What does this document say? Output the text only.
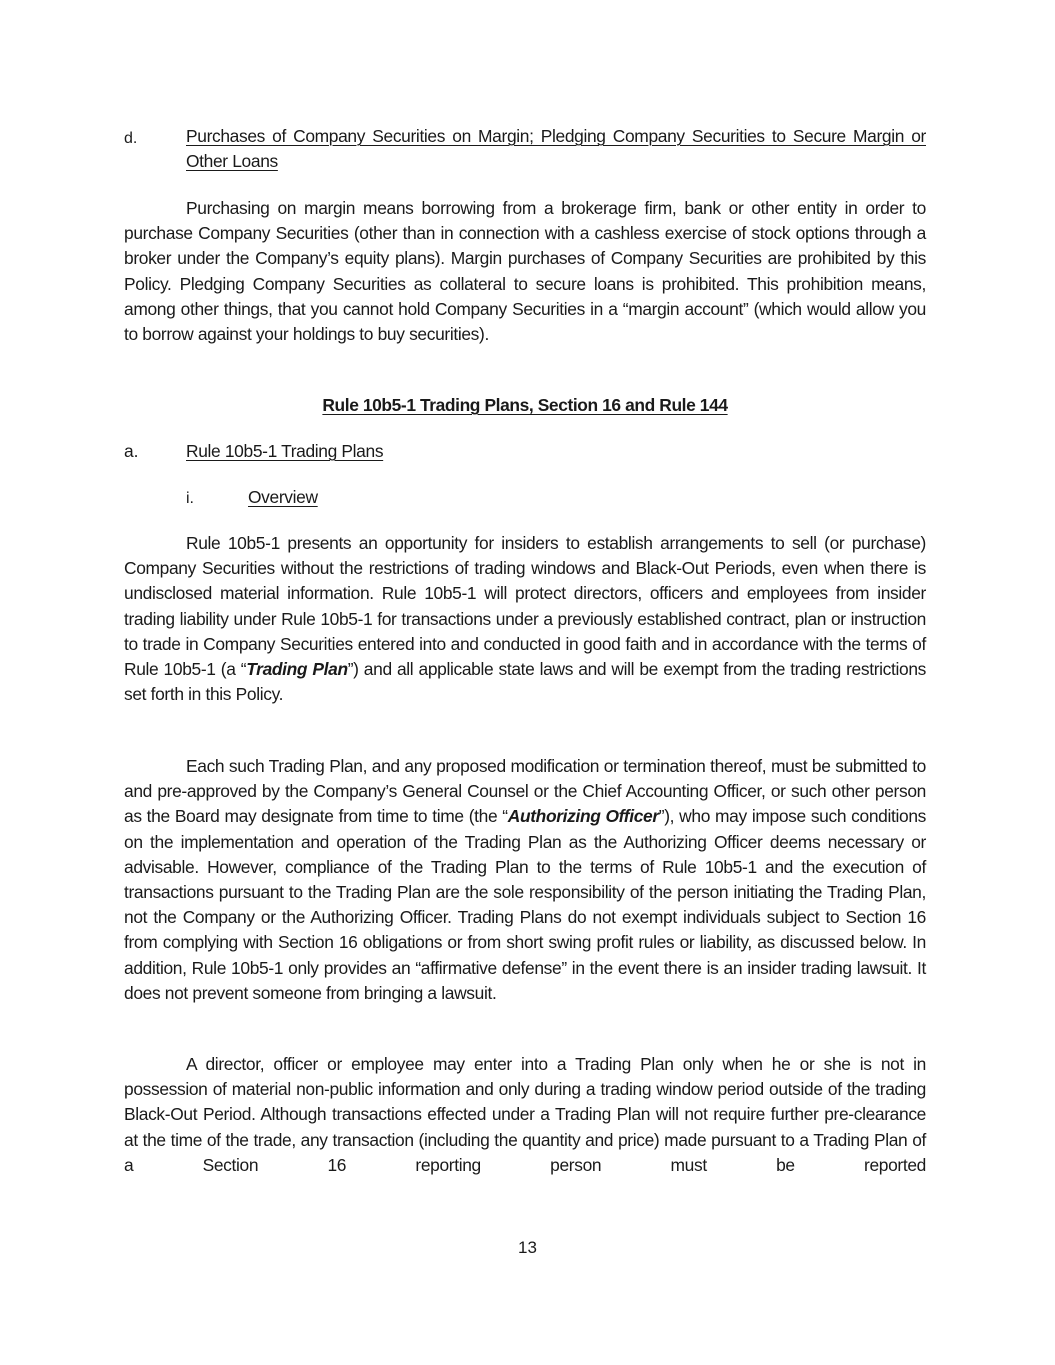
d.	Purchases of Company Securities on Margin; Pledging Company Securities to Secure Margin or Other Loans

Purchasing on margin means borrowing from a brokerage firm, bank or other entity in order to purchase Company Securities (other than in connection with a cashless exercise of stock options through a broker under the Company’s equity plans). Margin purchases of Company Securities are prohibited by this Policy. Pledging Company Securities as collateral to secure loans is prohibited. This prohibition means, among other things, that you cannot hold Company Securities in a “margin account” (which would allow you to borrow against your holdings to buy securities).

Rule 10b5-1 Trading Plans, Section 16 and Rule 144
a.	Rule 10b5-1 Trading Plans
i.	Overview

Rule 10b5-1 presents an opportunity for insiders to establish arrangements to sell (or purchase) Company Securities without the restrictions of trading windows and Black-Out Periods, even when there is undisclosed material information. Rule 10b5-1 will protect directors, officers and employees from insider trading liability under Rule 10b5-1 for transactions under a previously established contract, plan or instruction to trade in Company Securities entered into and conducted in good faith and in accordance with the terms of Rule 10b5-1 (a “Trading Plan”) and all applicable state laws and will be exempt from the trading restrictions set forth in this Policy.

Each such Trading Plan, and any proposed modification or termination thereof, must be submitted to and pre-approved by the Company’s General Counsel or the Chief Accounting Officer, or such other person as the Board may designate from time to time (the “Authorizing Officer”), who may impose such conditions on the implementation and operation of the Trading Plan as the Authorizing Officer deems necessary or advisable. However, compliance of the Trading Plan to the terms of Rule 10b5-1 and the execution of transactions pursuant to the Trading Plan are the sole responsibility of the person initiating the Trading Plan, not the Company or the Authorizing Officer. Trading Plans do not exempt individuals subject to Section 16 from complying with Section 16 obligations or from short swing profit rules or liability, as discussed below. In addition, Rule 10b5-1 only provides an “affirmative defense” in the event there is an insider trading lawsuit. It does not prevent someone from bringing a lawsuit.

A director, officer or employee may enter into a Trading Plan only when he or she is not in possession of material non-public information and only during a trading window period outside of the trading Black-Out Period. Although transactions effected under a Trading Plan will not require further pre-clearance at the time of the trade, any transaction (including the quantity and price) made pursuant to a Trading Plan of a Section 16 reporting person must be reported

13
